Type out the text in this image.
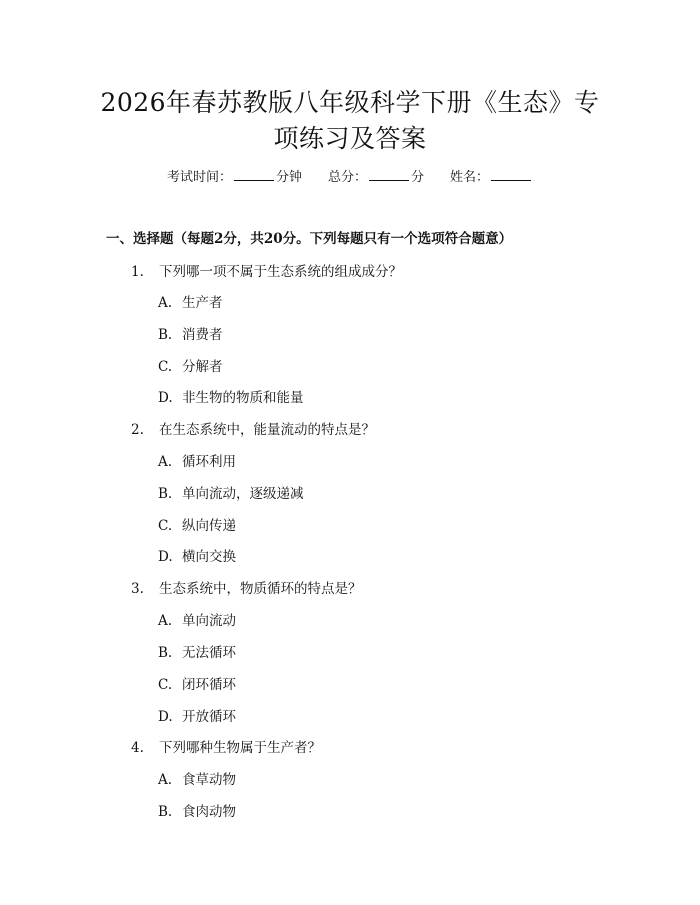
2026年春苏教版八年级科学下册《生态》专
项练习及答案
考试时间：	分钟 总分：	分 姓名：
一、选择题（每题2分，共20分。下列每题只有一个选项符合题意）
1. 下列哪一项不属于生态系统的组成成分？
A. 生产者
B. 消费者
C. 分解者
D. 非生物的物质和能量
2. 在生态系统中，能量流动的特点是？
A. 循环利用
B. 单向流动，逐级递减
C. 纵向传递
D. 横向交换
3. 生态系统中，物质循环的特点是？
A. 单向流动
B. 无法循环
C. 闭环循环
D. 开放循环
4. 下列哪种生物属于生产者？
A. 食草动物
B. 食肉动物
